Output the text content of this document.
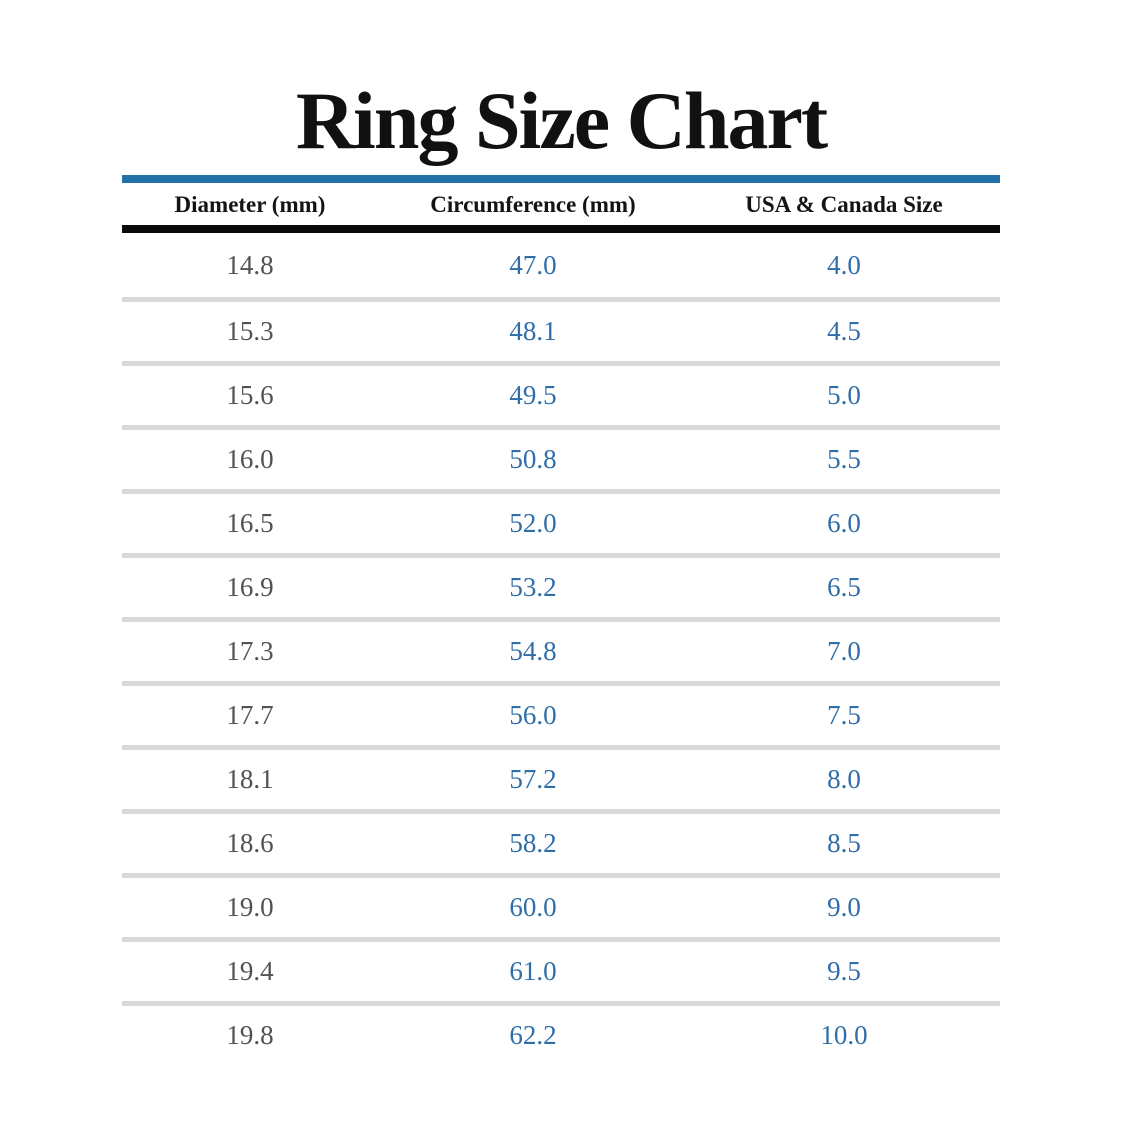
Ring Size Chart
Diameter (mm)	Circumference (mm)	USA & Canada Size
14.8	47.0	4.0
15.3	48.1	4.5
15.6	49.5	5.0
16.0	50.8	5.5
16.5	52.0	6.0
16.9	53.2	6.5
17.3	54.8	7.0
17.7	56.0	7.5
18.1	57.2	8.0
18.6	58.2	8.5
19.0	60.0	9.0
19.4	61.0	9.5
19.8	62.2	10.0
